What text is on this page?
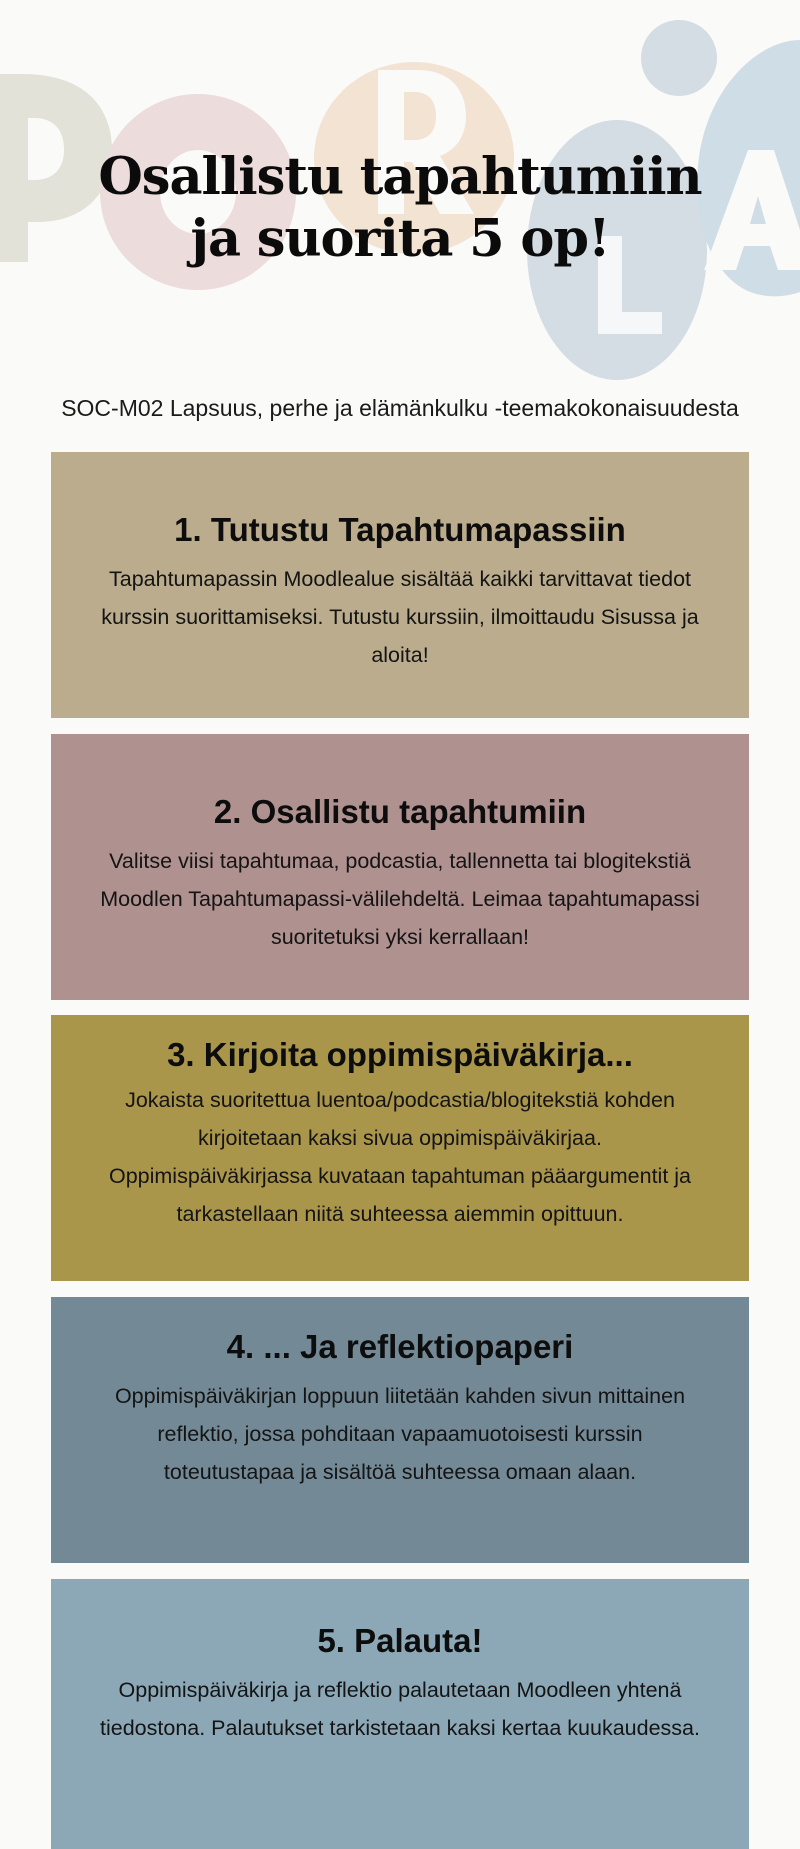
Osallistu tapahtumiin
ja suorita 5 op!
SOC-M02 Lapsuus, perhe ja elämänkulku -teemakokonaisuudesta
1. Tutustu Tapahtumapassiin

Tapahtumapassin Moodlealue sisältää kaikki tarvittavat tiedot kurssin suorittamiseksi. Tutustu kurssiin, ilmoittaudu Sisussa ja aloita!

2. Osallistu tapahtumiin

Valitse viisi tapahtumaa, podcastia, tallennetta tai blogitekstiä Moodlen Tapahtumapassi-välilehdeltä. Leimaa tapahtumapassi suoritetuksi yksi kerrallaan!

3. Kirjoita oppimispäiväkirja...

Jokaista suoritettua luentoa/podcastia/blogitekstiä kohden kirjoitetaan kaksi sivua oppimispäiväkirjaa. Oppimispäiväkirjassa kuvataan tapahtuman pääargumentit ja tarkastellaan niitä suhteessa aiemmin opittuun.

4. ... Ja reflektiopaperi

Oppimispäiväkirjan loppuun liitetään kahden sivun mittainen reflektio, jossa pohditaan vapaamuotoisesti kurssin toteutustapaa ja sisältöä suhteessa omaan alaan.

5. Palauta!

Oppimispäiväkirja ja reflektio palautetaan Moodleen yhtenä tiedostona. Palautukset tarkistetaan kaksi kertaa kuukaudessa.
